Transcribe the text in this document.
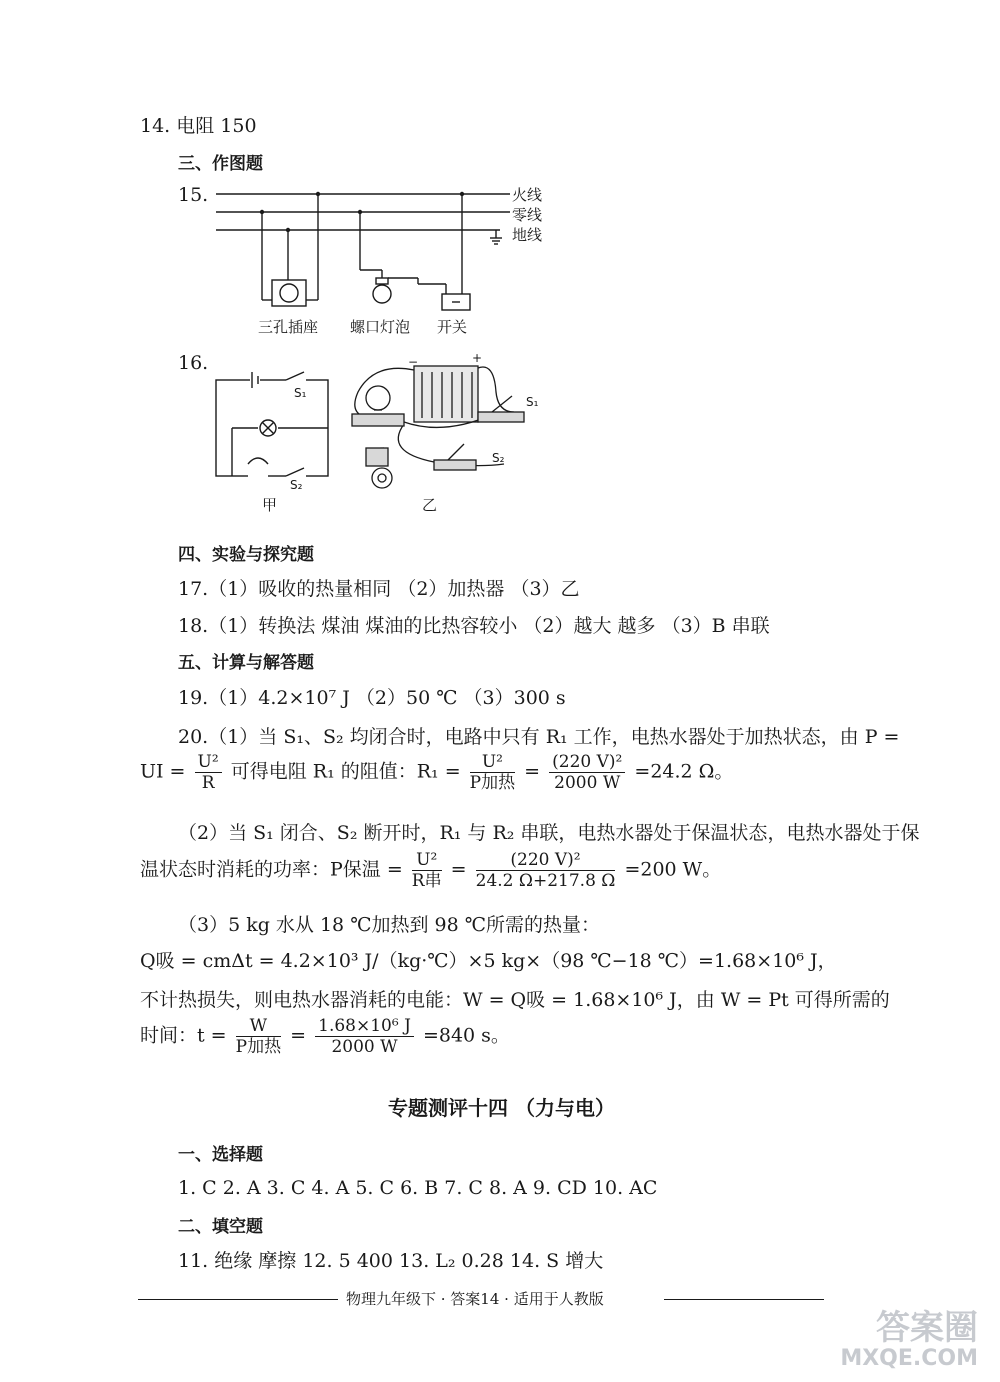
14. 电阻 150
三、作图题
15.	火线
零线
地线
三孔插座 螺口灯泡 开关
16.
S₁
S₂
甲
−	+
S₁
S₂
乙
四、实验与探究题
17.（1）吸收的热量相同 （2）加热器 （3）乙
18.（1）转换法 煤油 煤油的比热容较小 （2）越大 越多 （3）B 串联
五、计算与解答题
19.（1）4.2×10⁷ J （2）50 ℃ （3）300 s
20.（1）当 S₁、S₂ 均闭合时，电路中只有 R₁ 工作，电热水器处于加热状态，由 P =
UI = $\frac{\text{U²}}{R}$ 可得电阻 R₁ 的阻值：$R_1 = \frac{\text{U²}}{\text{P加热}} = \frac{\text{(220 V)²}}{2000 W} =24.2$ Ω。
（2）当 S₁ 闭合、S₂ 断开时，R₁ 与 R₂ 串联，电热水器处于保温状态，电热水器处于保
温状态时消耗的功率：P保温 = $\frac{\text{U²}}{\text{R串}} = \frac{\text{(220 V)²}}{24.2 \Omega+217.8 \Omega} =200$ W。
（3）5 kg 水从 18 ℃加热到 98 ℃所需的热量：
Q吸 = cmΔt = 4.2×10³ J/（kg·℃）×5 kg×（98 ℃−18 ℃）=1.68×10⁶ J，
不计热损失，则电热水器消耗的电能：W = Q吸 = 1.68×10⁶ J，由 W = Pt 可得所需的
时间：$t = \frac{W}{\text{P加热}} = \frac{\text{1.68×10⁶ J}}{2000 W} =840$ s。
专题测评十四 （力与电）
一、选择题
1. C 2. A 3. C 4. A 5. C 6. B 7. C 8. A 9. CD 10. AC
二、填空题
11. 绝缘 摩擦 12. 5 400 13. L₂ 0.28 14. S 增大
物理九年级下 · 答案14 · 适用于人教版
答案圈
MXQE.COM
